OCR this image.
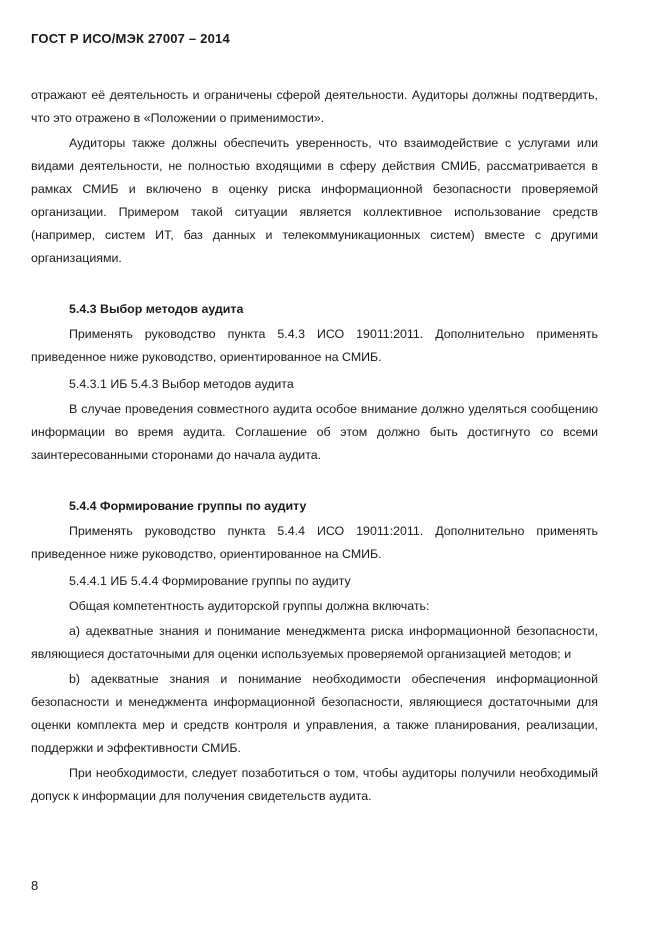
ГОСТ Р ИСО/МЭК 27007 – 2014

отражают её деятельность и ограничены сферой деятельности. Аудиторы должны подтвердить, что это отражено в «Положении о применимости».

Аудиторы также должны обеспечить уверенность, что взаимодействие с услугами или видами деятельности, не полностью входящими в сферу действия СМИБ, рассматривается в рамках СМИБ и включено в оценку риска информационной безопасности проверяемой организации. Примером такой ситуации является коллективное использование средств (например, систем ИТ, баз данных и телекоммуникационных систем) вместе с другими организациями.

5.4.3 Выбор методов аудита

Применять руководство пункта 5.4.3 ИСО 19011:2011. Дополнительно применять приведенное ниже руководство, ориентированное на СМИБ.

5.4.3.1 ИБ 5.4.3 Выбор методов аудита

В случае проведения совместного аудита особое внимание должно уделяться сообщению информации во время аудита. Соглашение об этом должно быть достигнуто со всеми заинтересованными сторонами до начала аудита.

5.4.4 Формирование группы по аудиту

Применять руководство пункта 5.4.4 ИСО 19011:2011. Дополнительно применять приведенное ниже руководство, ориентированное на СМИБ.

5.4.4.1 ИБ 5.4.4 Формирование группы по аудиту

Общая компетентность аудиторской группы должна включать:

а) адекватные знания и понимание менеджмента риска информационной безопасности, являющиеся достаточными для оценки используемых проверяемой организацией методов; и

b) адекватные знания и понимание необходимости обеспечения информационной безопасности и менеджмента информационной безопасности, являющиеся достаточными для оценки комплекта мер и средств контроля и управления, а также планирования, реализации, поддержки и эффективности СМИБ.

При необходимости, следует позаботиться о том, чтобы аудиторы получили необходимый допуск к информации для получения свидетельств аудита.

8
